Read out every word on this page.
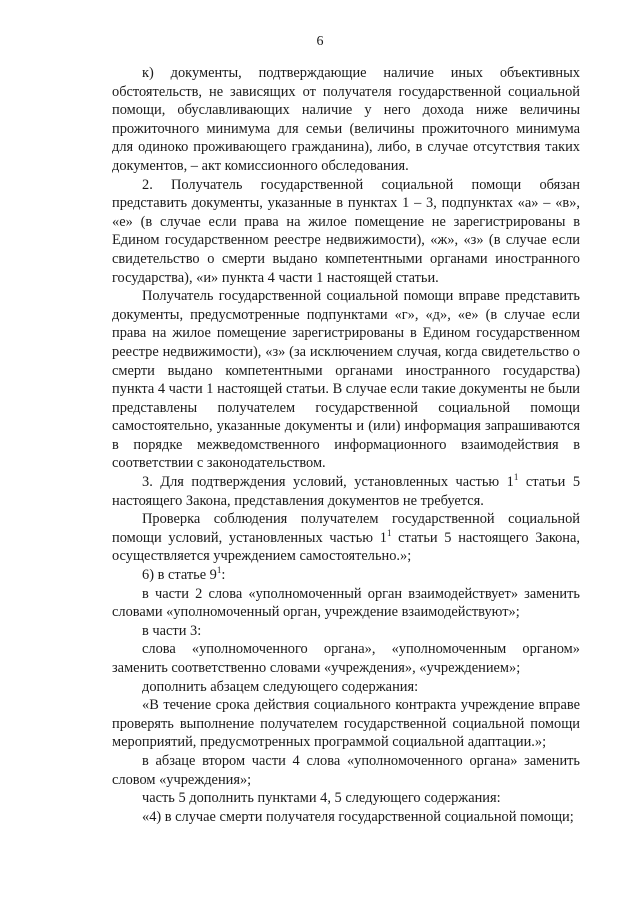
6

к) документы, подтверждающие наличие иных объективных обстоятельств, не зависящих от получателя государственной социальной помощи, обуславливающих наличие у него дохода ниже величины прожиточного минимума для семьи (величины прожиточного минимума для одиноко проживающего гражданина), либо, в случае отсутствия таких документов, – акт комиссионного обследования.

2. Получатель государственной социальной помощи обязан представить документы, указанные в пунктах 1 – 3, подпунктах «а» – «в», «е» (в случае если права на жилое помещение не зарегистрированы в Едином государственном реестре недвижимости), «ж», «з» (в случае если свидетельство о смерти выдано компетентными органами иностранного государства), «и» пункта 4 части 1 настоящей статьи.

Получатель государственной социальной помощи вправе представить документы, предусмотренные подпунктами «г», «д», «е» (в случае если права на жилое помещение зарегистрированы в Едином государственном реестре недвижимости), «з» (за исключением случая, когда свидетельство о смерти выдано компетентными органами иностранного государства) пункта 4 части 1 настоящей статьи. В случае если такие документы не были представлены получателем государственной социальной помощи самостоятельно, указанные документы и (или) информация запрашиваются в порядке межведомственного информационного взаимодействия в соответствии с законодательством.

3. Для подтверждения условий, установленных частью $1^1$ статьи 5 настоящего Закона, представления документов не требуется.

Проверка соблюдения получателем государственной социальной помощи условий, установленных частью $1^1$ статьи 5 настоящего Закона, осуществляется учреждением самостоятельно.»;

6) в статье $9^1$:

в части 2 слова «уполномоченный орган взаимодействует» заменить словами «уполномоченный орган, учреждение взаимодействуют»;

в части 3:

слова «уполномоченного органа», «уполномоченным органом» заменить соответственно словами «учреждения», «учреждением»;

дополнить абзацем следующего содержания:

«В течение срока действия социального контракта учреждение вправе проверять выполнение получателем государственной социальной помощи мероприятий, предусмотренных программой социальной адаптации.»;

в абзаце втором части 4 слова «уполномоченного органа» заменить словом «учреждения»;

часть 5 дополнить пунктами 4, 5 следующего содержания:

«4) в случае смерти получателя государственной социальной помощи;
